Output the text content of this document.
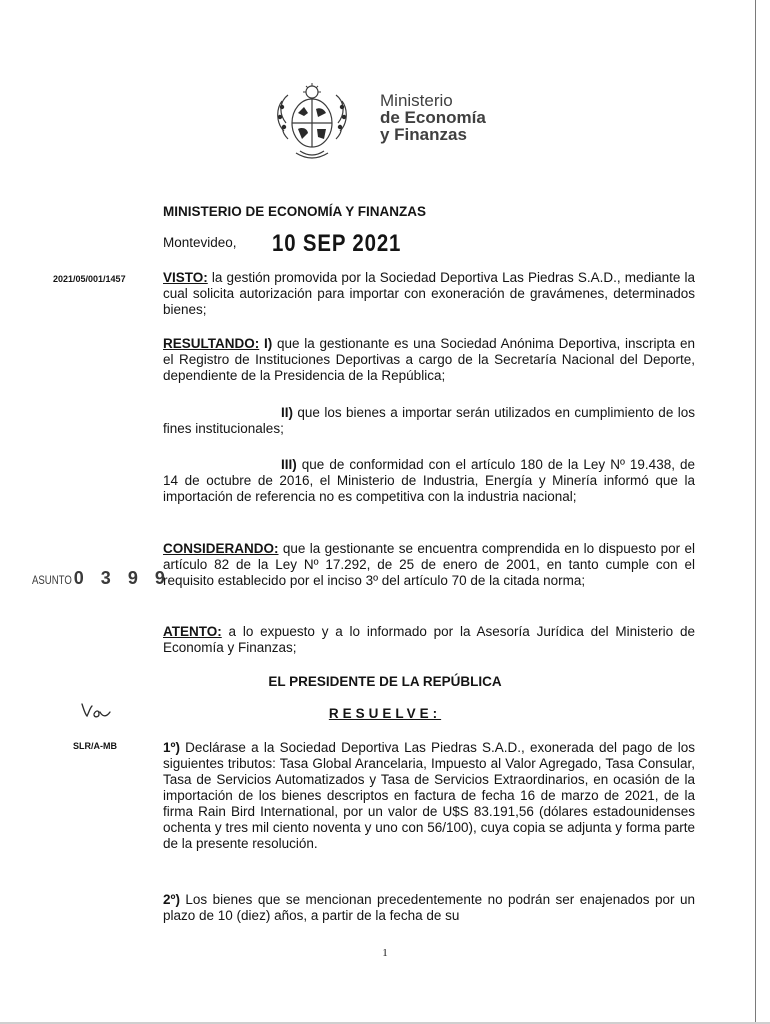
Ministerio
de Economía
y Finanzas
MINISTERIO DE ECONOMÍA Y FINANZAS
Montevideo, 10 SEP 2021
2021/05/001/1457
ASUNTO 0 3 9 9
SLR/A-MB
VISTO: la gestión promovida por la Sociedad Deportiva Las Piedras S.A.D., mediante la cual solicita autorización para importar con exoneración de gravámenes, determinados bienes;
RESULTANDO: I) que la gestionante es una Sociedad Anónima Deportiva, inscripta en el Registro de Instituciones Deportivas a cargo de la Secretaría Nacional del Deporte, dependiente de la Presidencia de la República;
II) que los bienes a importar serán utilizados en cumplimiento de los fines institucionales;
III) que de conformidad con el artículo 180 de la Ley Nº 19.438, de 14 de octubre de 2016, el Ministerio de Industria, Energía y Minería informó que la importación de referencia no es competitiva con la industria nacional;
CONSIDERANDO: que la gestionante se encuentra comprendida en lo dispuesto por el artículo 82 de la Ley Nº 17.292, de 25 de enero de 2001, en tanto cumple con el requisito establecido por el inciso 3º del artículo 70 de la citada norma;
ATENTO: a lo expuesto y a lo informado por la Asesoría Jurídica del Ministerio de Economía y Finanzas;
EL PRESIDENTE DE LA REPÚBLICA
RESUELVE:
1º) Declárase a la Sociedad Deportiva Las Piedras S.A.D., exonerada del pago de los siguientes tributos: Tasa Global Arancelaria, Impuesto al Valor Agregado, Tasa Consular, Tasa de Servicios Automatizados y Tasa de Servicios Extraordinarios, en ocasión de la importación de los bienes descriptos en factura de fecha 16 de marzo de 2021, de la firma Rain Bird International, por un valor de U$S 83.191,56 (dólares estadounidenses ochenta y tres mil ciento noventa y uno con 56/100), cuya copia se adjunta y forma parte de la presente resolución.
2º) Los bienes que se mencionan precedentemente no podrán ser enajenados por un plazo de 10 (diez) años, a partir de la fecha de su
1
